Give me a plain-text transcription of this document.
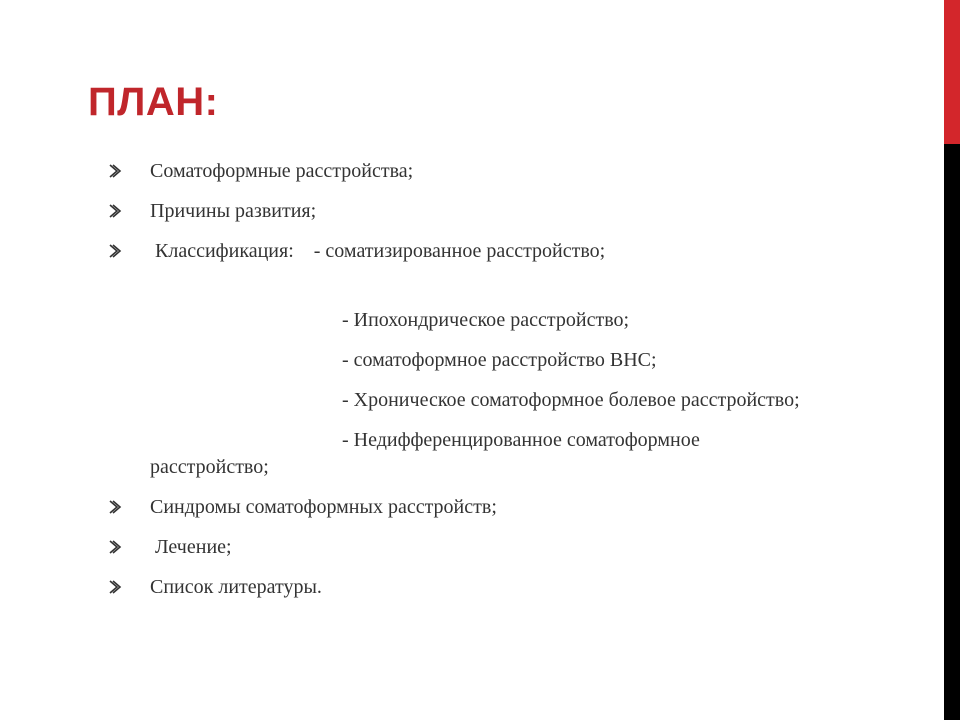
ПЛАН:
Соматоформные расстройства;
Причины развития;
Классификация:    - соматизированное расстройство;
- Ипохондрическое расстройство;
- соматоформное расстройство ВНС;
- Хроническое соматоформное болевое расстройство;
- Недифференцированное соматоформное
расстройство;
Синдромы соматоформных расстройств;
Лечение;
Список литературы.
